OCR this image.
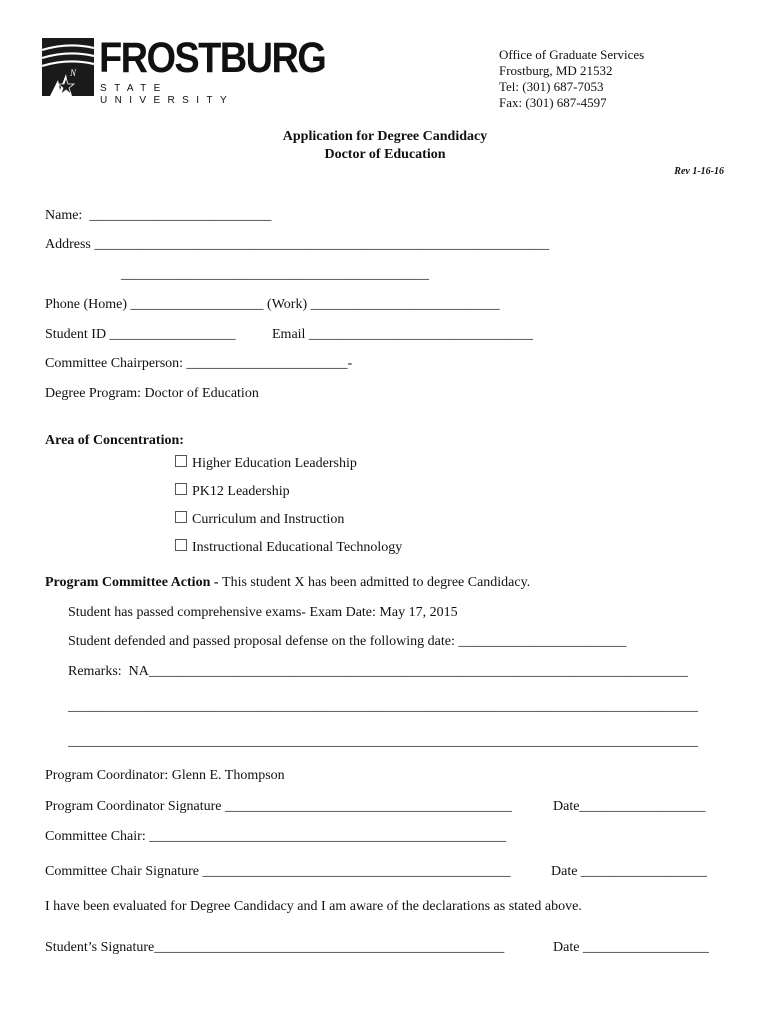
N FROSTBURG
STATE UNIVERSITY
Office of Graduate Services
Frostburg, MD 21532
Tel: (301) 687-7053
Fax: (301) 687-4597
Application for Degree Candidacy
Doctor of Education
Rev 1-16-16
Name:  __________________________
Address _________________________________________________________________
____________________________________________
Phone (Home) ___________________ (Work) ___________________________
Student ID __________________	Email ________________________________
Committee Chairperson: _______________________-
Degree Program: Doctor of Education
Area of Concentration:
Higher Education Leadership
PK12 Leadership
Curriculum and Instruction
Instructional Educational Technology
Program Committee Action - This student X has been admitted to degree Candidacy.
Student has passed comprehensive exams- Exam Date: May 17, 2015
Student defended and passed proposal defense on the following date: ________________________
Remarks:  NA_____________________________________________________________________________
__________________________________________________________________________________________
__________________________________________________________________________________________
Program Coordinator: Glenn E. Thompson
Program Coordinator Signature _________________________________________	Date__________________
Committee Chair: ___________________________________________________
Committee Chair Signature ____________________________________________	Date __________________
I have been evaluated for Degree Candidacy and I am aware of the declarations as stated above.
Student’s Signature__________________________________________________	Date __________________
